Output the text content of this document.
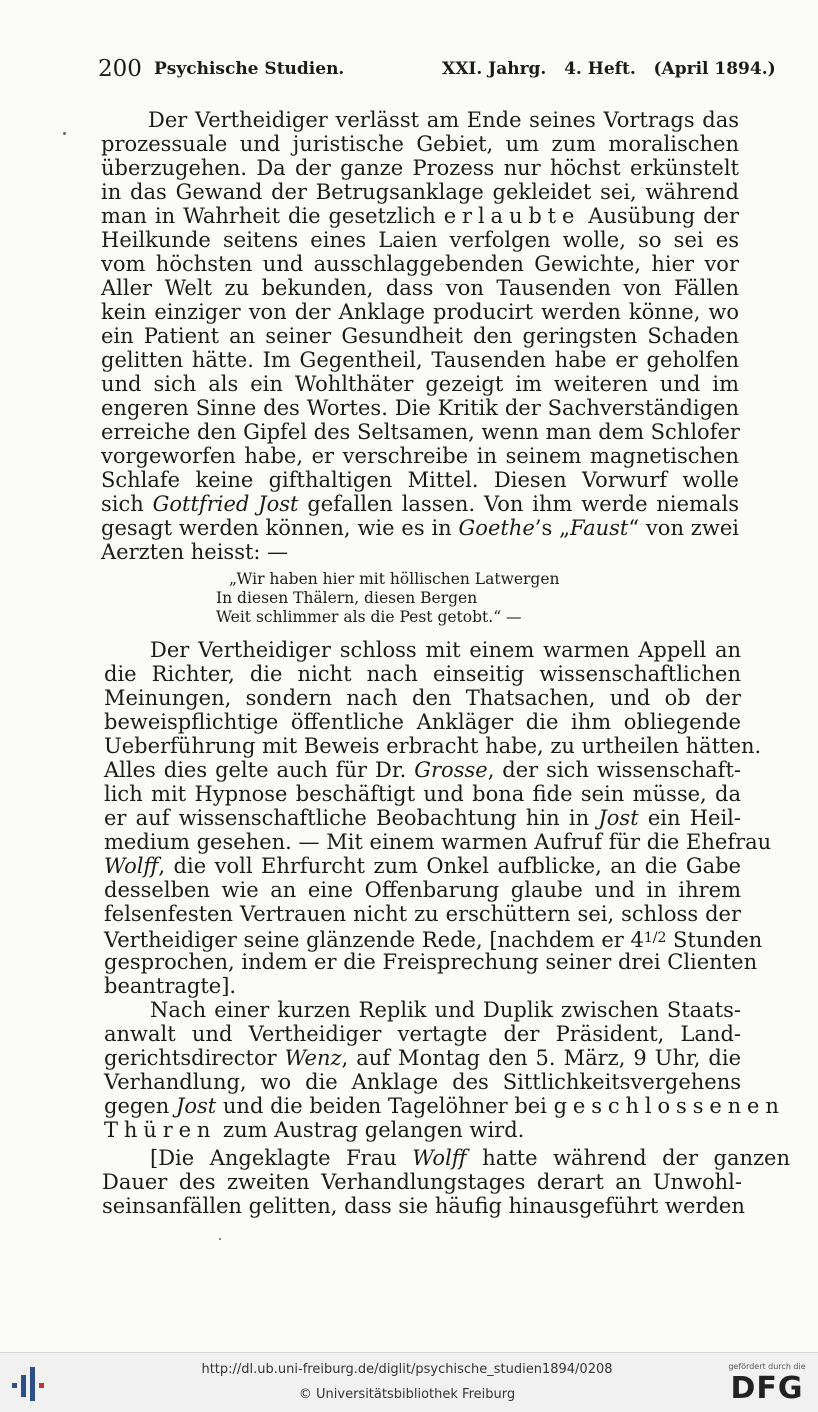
200 Psychische Studien.	XXI. Jahrg.   4. Heft.   (April 1894.)
Der Vertheidiger verlässt am Ende seines Vortrags das
prozessuale und juristische Gebiet, um zum moralischen
überzugehen. Da der ganze Prozess nur höchst erkünstelt
in das Gewand der Betrugsanklage gekleidet sei, während
man in Wahrheit die gesetzlich erlaubte Ausübung der
Heilkunde seitens eines Laien verfolgen wolle, so sei es
vom höchsten und ausschlaggebenden Gewichte, hier vor
Aller Welt zu bekunden, dass von Tausenden von Fällen
kein einziger von der Anklage producirt werden könne, wo
ein Patient an seiner Gesundheit den geringsten Schaden
gelitten hätte. Im Gegentheil, Tausenden habe er geholfen
und sich als ein Wohlthäter gezeigt im weiteren und im
engeren Sinne des Wortes. Die Kritik der Sachverständigen
erreiche den Gipfel des Seltsamen, wenn man dem Schlofer
vorgeworfen habe, er verschreibe in seinem magnetischen
Schlafe keine gifthaltigen Mittel. Diesen Vorwurf wolle
sich Gottfried Jost gefallen lassen. Von ihm werde niemals
gesagt werden können, wie es in Goethe’s „Faust“ von zwei
Aerzten heisst: —
„Wir haben hier mit höllischen Latwergen
In diesen Thälern, diesen Bergen
Weit schlimmer als die Pest getobt.“ —
Der Vertheidiger schloss mit einem warmen Appell an
die Richter, die nicht nach einseitig wissenschaftlichen
Meinungen, sondern nach den Thatsachen, und ob der
beweispflichtige öffentliche Ankläger die ihm obliegende
Ueberführung mit Beweis erbracht habe, zu urtheilen hätten.
Alles dies gelte auch für Dr. Grosse, der sich wissenschaft-
lich mit Hypnose beschäftigt und bona fide sein müsse, da
er auf wissenschaftliche Beobachtung hin in Jost ein Heil-
medium gesehen. — Mit einem warmen Aufruf für die Ehefrau
Wolff, die voll Ehrfurcht zum Onkel aufblicke, an die Gabe
desselben wie an eine Offenbarung glaube und in ihrem
felsenfesten Vertrauen nicht zu erschüttern sei, schloss der
Vertheidiger seine glänzende Rede, [nachdem er $4^{1/2}$ Stunden
gesprochen, indem er die Freisprechung seiner drei Clienten
beantragte].
Nach einer kurzen Replik und Duplik zwischen Staats-
anwalt und Vertheidiger vertagte der Präsident, Land-
gerichtsdirector Wenz, auf Montag den 5. März, 9 Uhr, die
Verhandlung, wo die Anklage des Sittlichkeitsvergehens
gegen Jost und die beiden Tagelöhner bei geschlossenen
Thüren zum Austrag gelangen wird.
[Die Angeklagte Frau Wolff hatte während der ganzen
Dauer des zweiten Verhandlungstages derart an Unwohl-
seinsanfällen gelitten, dass sie häufig hinausgeführt werden
http://dl.ub.uni-freiburg.de/diglit/psychische_studien1894/0208
© Universitätsbibliothek Freiburg
gefördert durch die
DFG
